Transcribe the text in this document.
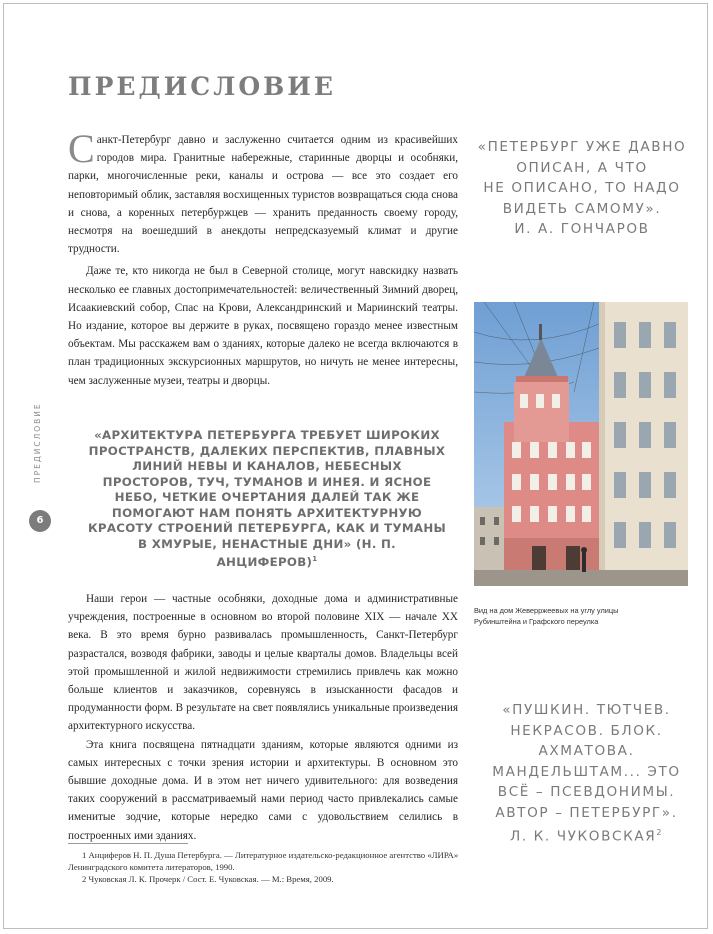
ПРЕДИСЛОВИЕ

Санкт-Петербург давно и заслуженно считается одним из красивейших городов мира. Гранитные набережные, старинные дворцы и особняки, парки, многочисленные реки, каналы и острова — все это создает его неповторимый облик, заставляя восхищенных туристов возвращаться сюда снова и снова, а коренных петербуржцев — хранить преданность своему городу, несмотря на воешедший в анекдоты непредсказуемый климат и другие трудности.

Даже те, кто никогда не был в Северной столице, могут навскидку назвать несколько ее главных достопримечательностей: величественный Зимний дворец, Исаакиевский собор, Спас на Крови, Александринский и Мариинский театры. Но издание, которое вы держите в руках, посвящено гораздо менее известным объектам. Мы расскажем вам о зданиях, которые далеко не всегда включаются в план традиционных экскурсионных маршрутов, но ничуть не менее интересны, чем заслуженные музеи, театры и дворцы.

«АРХИТЕКТУРА ПЕТЕРБУРГА ТРЕБУЕТ ШИРОКИХ ПРОСТРАНСТВ, ДАЛЕКИХ ПЕРСПЕКТИВ, ПЛАВНЫХ ЛИНИЙ НЕВЫ И КАНАЛОВ, НЕБЕСНЫХ ПРОСТОРОВ, ТУЧ, ТУМАНОВ И ИНЕЯ. И ЯСНОЕ НЕБО, ЧЕТКИЕ ОЧЕРТАНИЯ ДАЛЕЙ ТАК ЖЕ ПОМОГАЮТ НАМ ПОНЯТЬ АРХИТЕКТУРНУЮ КРАСОТУ СТРОЕНИЙ ПЕТЕРБУРГА, КАК И ТУМАНЫ В ХМУРЫЕ, НЕНАСТНЫЕ ДНИ» (Н. П. АНЦИФЕРОВ)$^1$

Наши герои — частные особняки, доходные дома и административные учреждения, построенные в основном во второй половине XIX — начале XX века. В это время бурно развивалась промышленность, Санкт-Петербург разрастался, возводя фабрики, заводы и целые кварталы домов. Владельцы всей этой промышленной и жилой недвижимости стремились привлечь как можно больше клиентов и заказчиков, соревнуясь в изысканности фасадов и продуманности форм. В результате на свет появлялись уникальные произведения архитектурного искусства.

Эта книга посвящена пятнадцати зданиям, которые являются одними из самых интересных с точки зрения истории и архитектуры. В основном это бывшие доходные дома. И в этом нет ничего удивительного: для возведения таких сооружений в рассматриваемый нами период часто привлекались самые именитые зодчие, которые нередко сами с удовольствием селились в построенных ими зданиях.

«ПЕТЕРБУРГ УЖЕ ДАВНО
ОПИСАН, А ЧТО
НЕ ОПИСАНО, ТО НАДО
ВИДЕТЬ САМОМУ».
И. А. ГОНЧАРОВ
Вид на дом Жеверржеевых на углу улицы
Рубинштейна и Графского переулка
«ПУШКИН. ТЮТЧЕВ.
НЕКРАСОВ. БЛОК.
АХМАТОВА.
МАНДЕЛЬШТАМ... ЭТО
ВСЁ – ПСЕВДОНИМЫ.
АВТОР – ПЕТЕРБУРГ».
Л. К. ЧУКОВСКАЯ$^2$
ПРЕДИСЛОВИЕ
6

1 Анциферов Н. П. Душа Петербурга. — Литературное издательско-редакционное агентство «ЛИРА» Ленинградского комитета литераторов, 1990.

2 Чуковская Л. К. Прочерк / Сост. Е. Чуковская. — М.: Время, 2009.
